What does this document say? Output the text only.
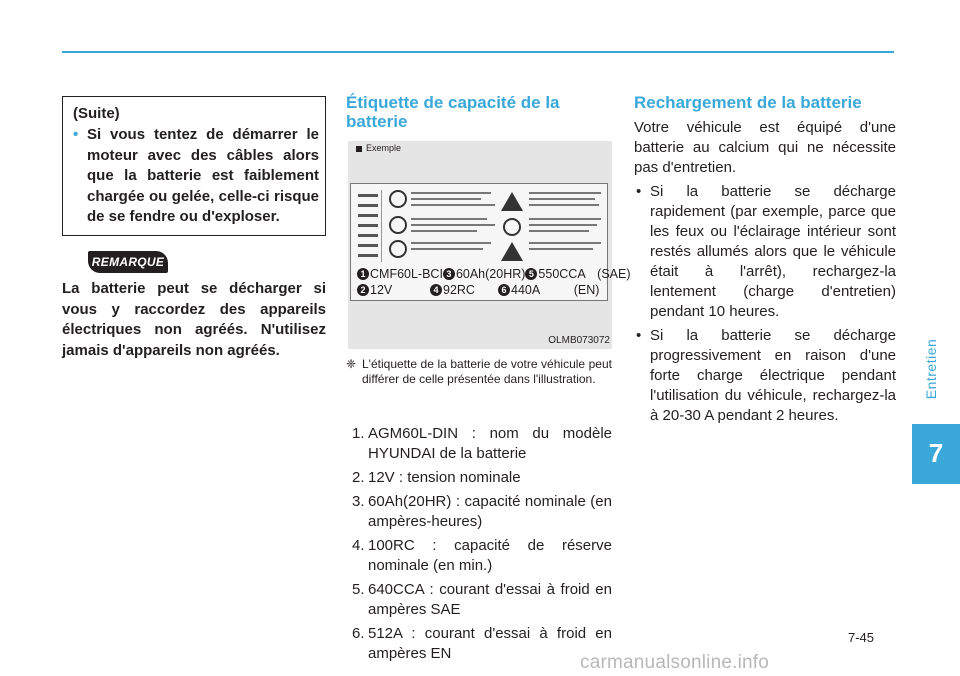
(Suite)
• Si vous tentez de démarrer le moteur avec des câbles alors que la batterie est faiblement chargée ou gelée, celle-ci risque de se fendre ou d'exploser.
REMARQUE
La batterie peut se décharger si vous y raccordez des appareils électriques non agréés. N'utilisez jamais d'appareils non agréés.
Étiquette de capacité de la batterie
Exemple
1 CMF60L-BCI 3 60Ah(20HR) 5 550CCA (SAE)
2 12V	4 92RC	6 440A	(EN)
OLMB073072
❈ L'étiquette de la batterie de votre véhicule peut différer de celle présentée dans l'illustration.
1. AGM60L-DIN : nom du modèle HYUNDAI de la batterie
2. 12V : tension nominale
3. 60Ah(20HR) : capacité nominale (en ampères-heures)
4. 100RC : capacité de réserve nominale (en min.)
5. 640CCA : courant d'essai à froid en ampères SAE
6. 512A : courant d'essai à froid en ampères EN
Rechargement de la batterie
Votre véhicule est équipé d'une batterie au calcium qui ne nécessite pas d'entretien.
• Si la batterie se décharge rapidement (par exemple, parce que les feux ou l'éclairage intérieur sont restés allumés alors que le véhicule était à l'arrêt), rechargez-la lentement (charge d'entretien) pendant 10 heures.
• Si la batterie se décharge progressivement en raison d'une forte charge électrique pendant l'utilisation du véhicule, rechargez-la à 20-30 A pendant 2 heures.
Entretien
7
7-45
carmanualsonline.info
